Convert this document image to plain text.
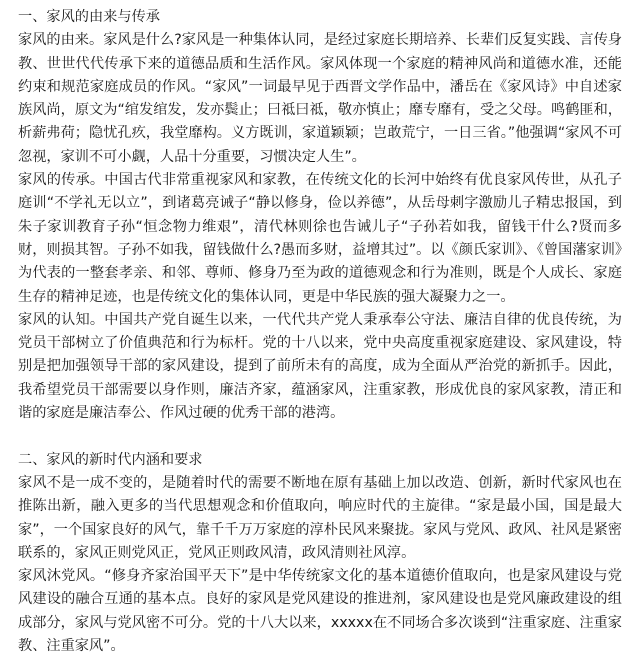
一、家风的由来与传承

家风的由来。家风是什么?家风是一种集体认同，是经过家庭长期培养、长辈们反复实践、言传身教、世世代代传承下来的道德品质和生活作风。家风体现一个家庭的精神风尚和道德水准，还能约束和规范家庭成员的作风。“家风”一词最早见于西晋文学作品中，潘岳在《家风诗》中自述家族风尚，原文为“绾发绾发，发亦鬓止；曰祗曰祗，敬亦慎止；靡专靡有，受之父母。鸣鹤匪和，析薪弗荷；隐忧孔疚，我堂靡构。义方既训，家道颖颖；岂敢荒宁，一日三省。”他强调“家风不可忽视，家训不可小觑，人品十分重要，习惯决定人生”。

家风的传承。中国古代非常重视家风和家教，在传统文化的长河中始终有优良家风传世，从孔子庭训“不学礼无以立”，到诸葛亮诫子“静以修身，俭以养德”，从岳母刺字激励儿子精忠报国，到朱子家训教育子孙“恒念物力维艰”，清代林则徐也告诫儿子“子孙若如我，留钱干什么?贤而多财，则损其智。子孙不如我，留钱做什么?愚而多财，益增其过”。以《颜氏家训》、《曾国藩家训》为代表的一整套孝亲、和邻、尊师、修身乃至为政的道德观念和行为准则，既是个人成长、家庭生存的精神足迹，也是传统文化的集体认同，更是中华民族的强大凝聚力之一。

家风的认知。中国共产党自诞生以来，一代代共产党人秉承奉公守法、廉洁自律的优良传统，为党员干部树立了价值典范和行为标杆。党的十八以来，党中央高度重视家庭建设、家风建设，特别是把加强领导干部的家风建设，提到了前所未有的高度，成为全面从严治党的新抓手。因此，我希望党员干部需要以身作则，廉洁齐家，蕴涵家风，注重家教，形成优良的家风家教，清正和谐的家庭是廉洁奉公、作风过硬的优秀干部的港湾。

二、家风的新时代内涵和要求

家风不是一成不变的，是随着时代的需要不断地在原有基础上加以改造、创新，新时代家风也在推陈出新，融入更多的当代思想观念和价值取向，响应时代的主旋律。“家是最小国，国是最大家”，一个国家良好的风气，靠千千万万家庭的淳朴民风来聚拢。家风与党风、政风、社风是紧密联系的，家风正则党风正，党风正则政风清，政风清则社风淳。

家风沐党风。“修身齐家治国平天下”是中华传统家文化的基本道德价值取向，也是家风建设与党风建设的融合互通的基本点。良好的家风是党风建设的推进剂，家风建设也是党风廉政建设的组成部分，家风与党风密不可分。党的十八大以来，xxxxx在不同场合多次谈到“注重家庭、注重家教、注重家风”。
